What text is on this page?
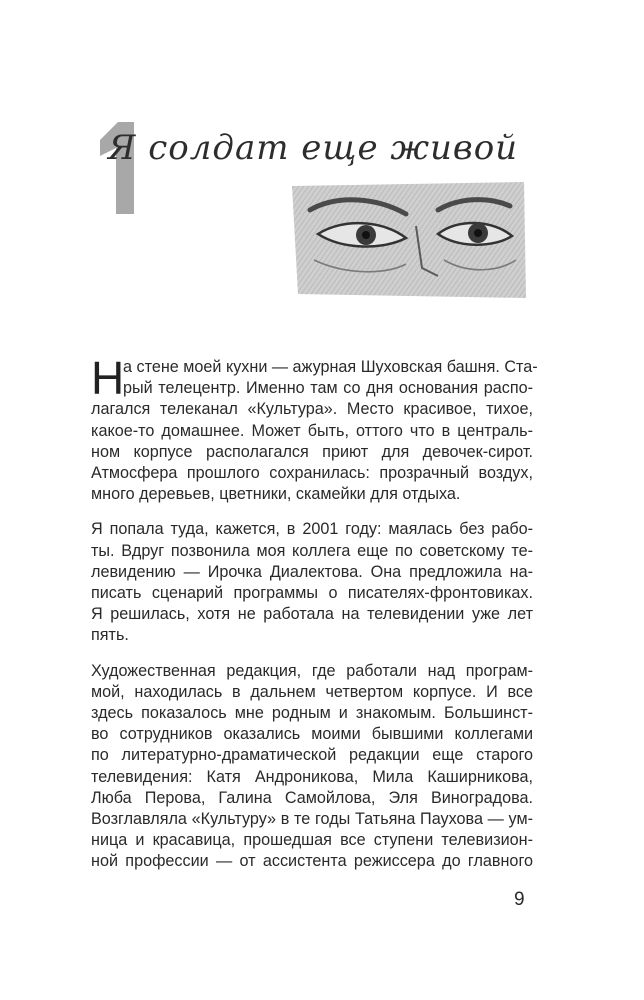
Я солдат еще живой
Н
а стене моей кухни — ажурная Шуховская башня. Ста-
рый телецентр. Именно там со дня основания распо-
лагался телеканал «Культура». Место красивое, тихое,
какое-то домашнее. Может быть, оттого что в централь-
ном корпусе располагался приют для девочек-сирот.
Атмосфера прошлого сохранилась: прозрачный воздух,
много деревьев, цветники, скамейки для отдыха.
Я попала туда, кажется, в 2001 году: маялась без рабо-
ты. Вдруг позвонила моя коллега еще по советскому те-
левидению — Ирочка Диалектова. Она предложила на-
писать сценарий программы о писателях-фронтовиках.
Я решилась, хотя не работала на телевидении уже лет
пять.
Художественная редакция, где работали над програм-
мой, находилась в дальнем четвертом корпусе. И все
здесь показалось мне родным и знакомым. Большинст-
во сотрудников оказались моими бывшими коллегами
по литературно-драматической редакции еще старого
телевидения: Катя Андроникова, Мила Каширникова,
Люба Перова, Галина Самойлова, Эля Виноградова.
Возглавляла «Культуру» в те годы Татьяна Паухова — ум-
ница и красавица, прошедшая все ступени телевизион-
ной профессии — от ассистента режиссера до главного
9
